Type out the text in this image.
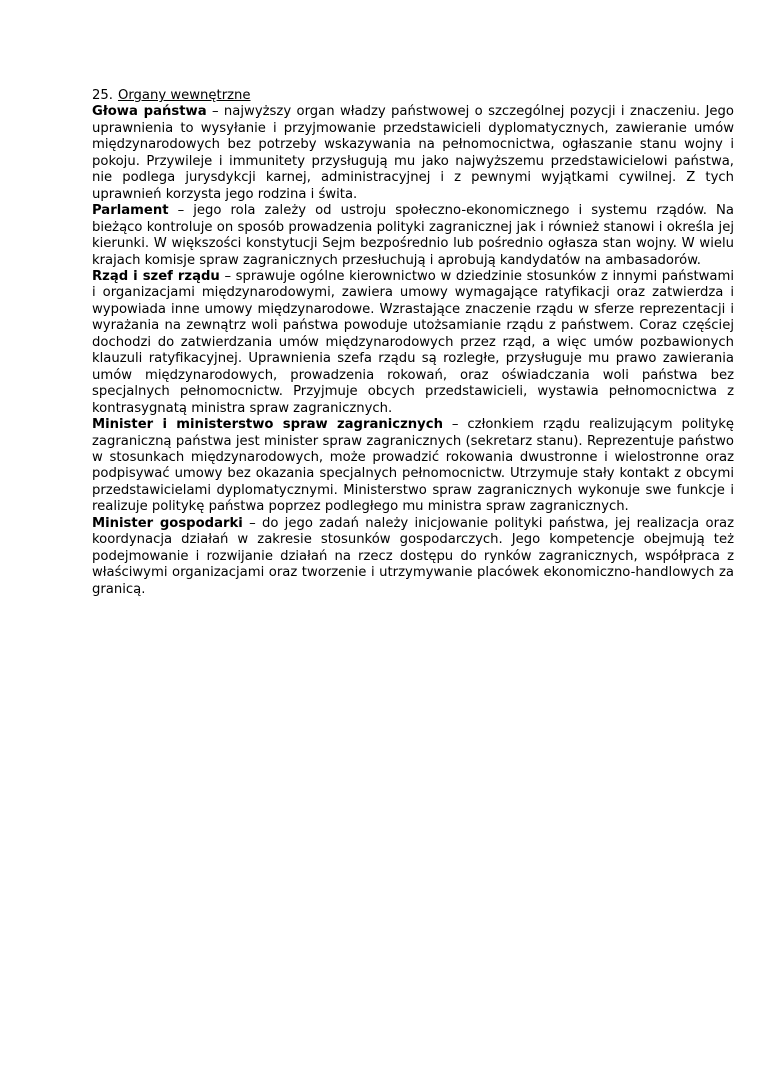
25. Organy wewnętrzne

Głowa państwa – najwyższy organ władzy państwowej o szczególnej pozycji i znaczeniu. Jego uprawnienia to wysyłanie i przyjmowanie przedstawicieli dyplomatycznych, zawieranie umów międzynarodowych bez potrzeby wskazywania na pełnomocnictwa, ogłaszanie stanu wojny i pokoju. Przywileje i immunitety przysługują mu jako najwyższemu przedstawicielowi państwa, nie podlega jurysdykcji karnej, administracyjnej i z pewnymi wyjątkami cywilnej. Z tych uprawnień korzysta jego rodzina i świta.

Parlament – jego rola zależy od ustroju społeczno-ekonomicznego i systemu rządów. Na bieżąco kontroluje on sposób prowadzenia polityki zagranicznej jak i również stanowi i określa jej kierunki. W większości konstytucji Sejm bezpośrednio lub pośrednio ogłasza stan wojny. W wielu krajach komisje spraw zagranicznych przesłuchują i aprobują kandydatów na ambasadorów.

Rząd i szef rządu – sprawuje ogólne kierownictwo w dziedzinie stosunków z innymi państwami i organizacjami międzynarodowymi, zawiera umowy wymagające ratyfikacji oraz zatwierdza i wypowiada inne umowy międzynarodowe. Wzrastające znaczenie rządu w sferze reprezentacji i wyrażania na zewnątrz woli państwa powoduje utożsamianie rządu z państwem. Coraz częściej dochodzi do zatwierdzania umów międzynarodowych przez rząd, a więc umów pozbawionych klauzuli ratyfikacyjnej. Uprawnienia szefa rządu są rozległe, przysługuje mu prawo zawierania umów międzynarodowych, prowadzenia rokowań, oraz oświadczania woli państwa bez specjalnych pełnomocnictw. Przyjmuje obcych przedstawicieli, wystawia pełnomocnictwa z kontrasygnatą ministra spraw zagranicznych.

Minister i ministerstwo spraw zagranicznych – członkiem rządu realizującym politykę zagraniczną państwa jest minister spraw zagranicznych (sekretarz stanu). Reprezentuje państwo w stosunkach międzynarodowych, może prowadzić rokowania dwustronne i wielostronne oraz podpisywać umowy bez okazania specjalnych pełnomocnictw. Utrzymuje stały kontakt z obcymi przedstawicielami dyplomatycznymi. Ministerstwo spraw zagranicznych wykonuje swe funkcje i realizuje politykę państwa poprzez podległego mu ministra spraw zagranicznych.

Minister gospodarki – do jego zadań należy inicjowanie polityki państwa, jej realizacja oraz koordynacja działań w zakresie stosunków gospodarczych. Jego kompetencje obejmują też podejmowanie i rozwijanie działań na rzecz dostępu do rynków zagranicznych, współpraca z właściwymi organizacjami oraz tworzenie i utrzymywanie placówek ekonomiczno-handlowych za granicą.
